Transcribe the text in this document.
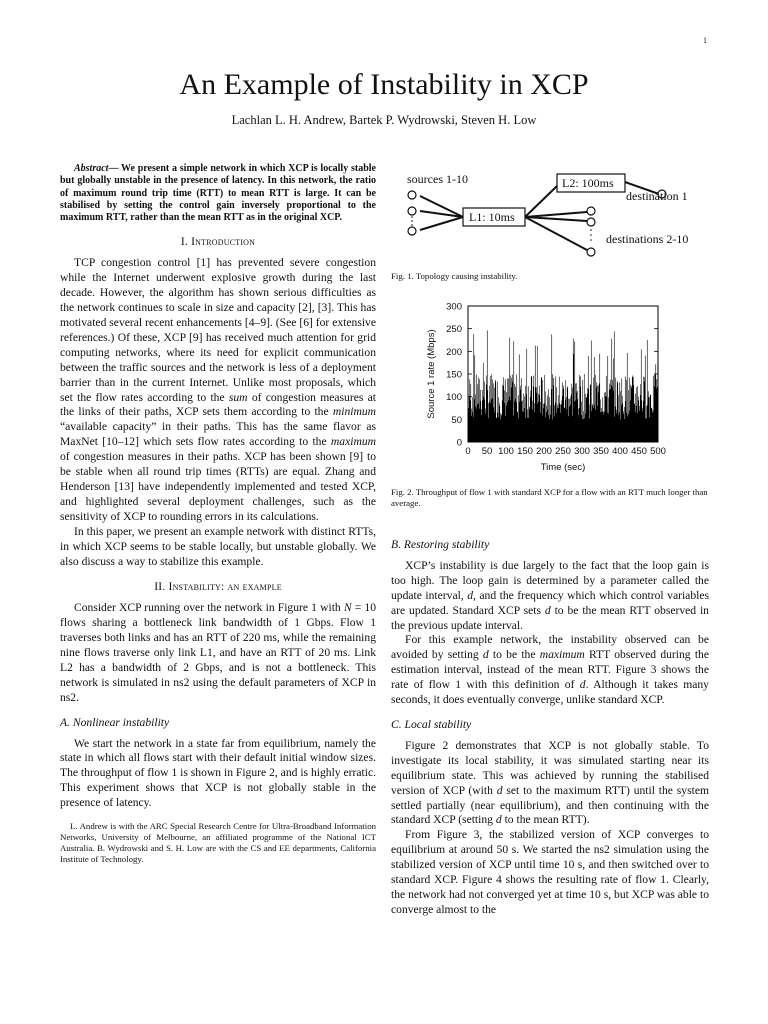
1
An Example of Instability in XCP
Lachlan L. H. Andrew, Bartek P. Wydrowski, Steven H. Low
Abstract— We present a simple network in which XCP is locally stable but globally unstable in the presence of latency. In this network, the ratio of maximum round trip time (RTT) to mean RTT is large. It can be stabilised by setting the control gain inversely proportional to the maximum RTT, rather than the mean RTT as in the original XCP.
I. Introduction

TCP congestion control [1] has prevented severe congestion while the Internet underwent explosive growth during the last decade. However, the algorithm has shown serious difficulties as the network continues to scale in size and capacity [2], [3]. This has motivated several recent enhancements [4–9]. (See [6] for extensive references.) Of these, XCP [9] has received much attention for grid computing networks, where its need for explicit communication between the traffic sources and the network is less of a deployment barrier than in the current Internet. Unlike most proposals, which set the flow rates according to the sum of congestion measures at the links of their paths, XCP sets them according to the minimum “available capacity” in their paths. This has the same flavor as MaxNet [10–12] which sets flow rates according to the maximum of congestion measures in their paths. XCP has been shown [9] to be stable when all round trip times (RTTs) are equal. Zhang and Henderson [13] have independently implemented and tested XCP, and highlighted several deployment challenges, such as the sensitivity of XCP to rounding errors in its calculations.

In this paper, we present an example network with distinct RTTs, in which XCP seems to be stable locally, but unstable globally. We also discuss a way to stabilize this example.

II. Instability: an example

Consider XCP running over the network in Figure 1 with N = 10 flows sharing a bottleneck link bandwidth of 1 Gbps. Flow 1 traverses both links and has an RTT of 220 ms, while the remaining nine flows traverse only link L1, and have an RTT of 20 ms. Link L2 has a bandwidth of 2 Gbps, and is not a bottleneck. This network is simulated in ns2 using the default parameters of XCP in ns2.

A. Nonlinear instability

We start the network in a state far from equilibrium, namely the state in which all flows start with their default initial window sizes. The throughput of flow 1 is shown in Figure 2, and is highly erratic. This experiment shows that XCP is not globally stable in the presence of latency.

L. Andrew is with the ARC Special Research Centre for Ultra-Broadband Information Networks, University of Melbourne, an affiliated programme of the National ICT Australia. B. Wydrowski and S. H. Low are with the CS and EE departments, California Institute of Technology.

sources 1-10
L1: 10ms
L2: 100ms
destination 1
destinations 2-10
Fig. 1. Topology causing instability.
0
50
100
150
200
250
300
0 50 100 150 200 250 300 350 400 450 500
Time (sec)
Source 1 rate (Mbps)
Fig. 2. Throughput of flow 1 with standard XCP for a flow with an RTT much longer than average.
B. Restoring stability

XCP’s instability is due largely to the fact that the loop gain is too high. The loop gain is determined by a parameter called the update interval, d, and the frequency which which control variables are updated. Standard XCP sets d to be the mean RTT observed in the previous update interval.

For this example network, the instability observed can be avoided by setting d to be the maximum RTT observed during the estimation interval, instead of the mean RTT. Figure 3 shows the rate of flow 1 with this definition of d. Although it takes many seconds, it does eventually converge, unlike standard XCP.

C. Local stability

Figure 2 demonstrates that XCP is not globally stable. To investigate its local stability, it was simulated starting near its equilibrium state. This was achieved by running the stabilised version of XCP (with d set to the maximum RTT) until the system settled partially (near equilibrium), and then continuing with the standard XCP (setting d to the mean RTT).

From Figure 3, the stabilized version of XCP converges to equilibrium at around 50 s. We started the ns2 simulation using the stabilized version of XCP until time 10 s, and then switched over to standard XCP. Figure 4 shows the resulting rate of flow 1. Clearly, the network had not converged yet at time 10 s, but XCP was able to converge almost to the
